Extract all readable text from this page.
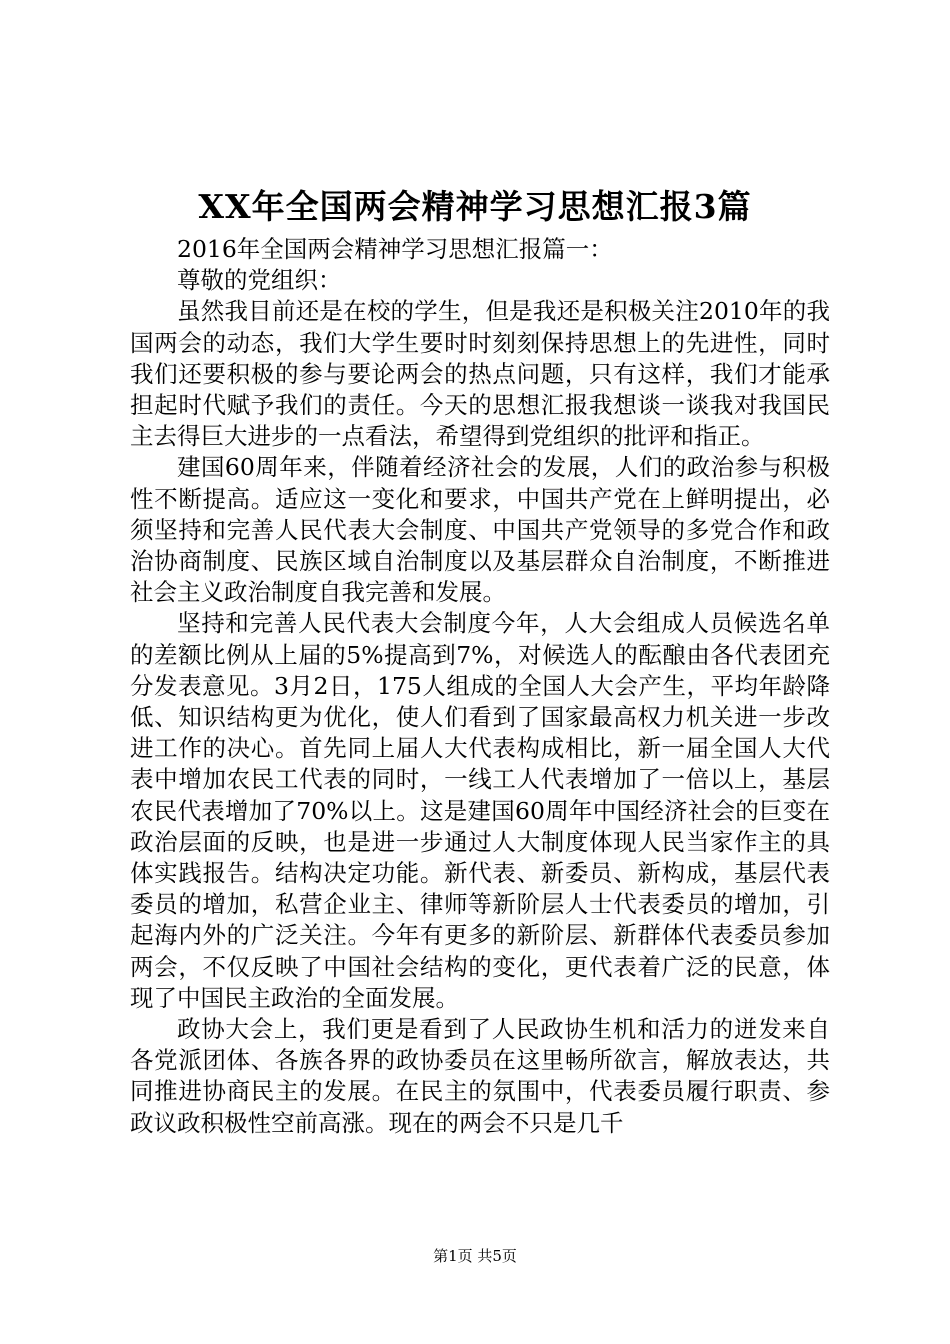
XX年全国两会精神学习思想汇报3篇

2016年全国两会精神学习思想汇报篇一：

尊敬的党组织：

虽然我目前还是在校的学生，但是我还是积极关注2010年的我国两会的动态，我们大学生要时时刻刻保持思想上的先进性，同时我们还要积极的参与要论两会的热点问题，只有这样，我们才能承担起时代赋予我们的责任。今天的思想汇报我想谈一谈我对我国民主去得巨大进步的一点看法，希望得到党组织的批评和指正。

建国60周年来，伴随着经济社会的发展，人们的政治参与积极性不断提高。适应这一变化和要求，中国共产党在上鲜明提出，必须坚持和完善人民代表大会制度、中国共产党领导的多党合作和政治协商制度、民族区域自治制度以及基层群众自治制度，不断推进社会主义政治制度自我完善和发展。

坚持和完善人民代表大会制度今年，人大会组成人员候选名单的差额比例从上届的5%提高到7%，对候选人的酝酿由各代表团充分发表意见。3月2日，175人组成的全国人大会产生，平均年龄降低、知识结构更为优化，使人们看到了国家最高权力机关进一步改进工作的决心。首先同上届人大代表构成相比，新一届全国人大代表中增加农民工代表的同时，一线工人代表增加了一倍以上，基层农民代表增加了70%以上。这是建国60周年中国经济社会的巨变在政治层面的反映，也是进一步通过人大制度体现人民当家作主的具体实践报告。结构决定功能。新代表、新委员、新构成，基层代表委员的增加，私营企业主、律师等新阶层人士代表委员的增加，引起海内外的广泛关注。今年有更多的新阶层、新群体代表委员参加两会，不仅反映了中国社会结构的变化，更代表着广泛的民意，体现了中国民主政治的全面发展。

政协大会上，我们更是看到了人民政协生机和活力的迸发来自各党派团体、各族各界的政协委员在这里畅所欲言，解放表达，共同推进协商民主的发展。在民主的氛围中，代表委员履行职责、参政议政积极性空前高涨。现在的两会不只是几千

第1页 共5页
